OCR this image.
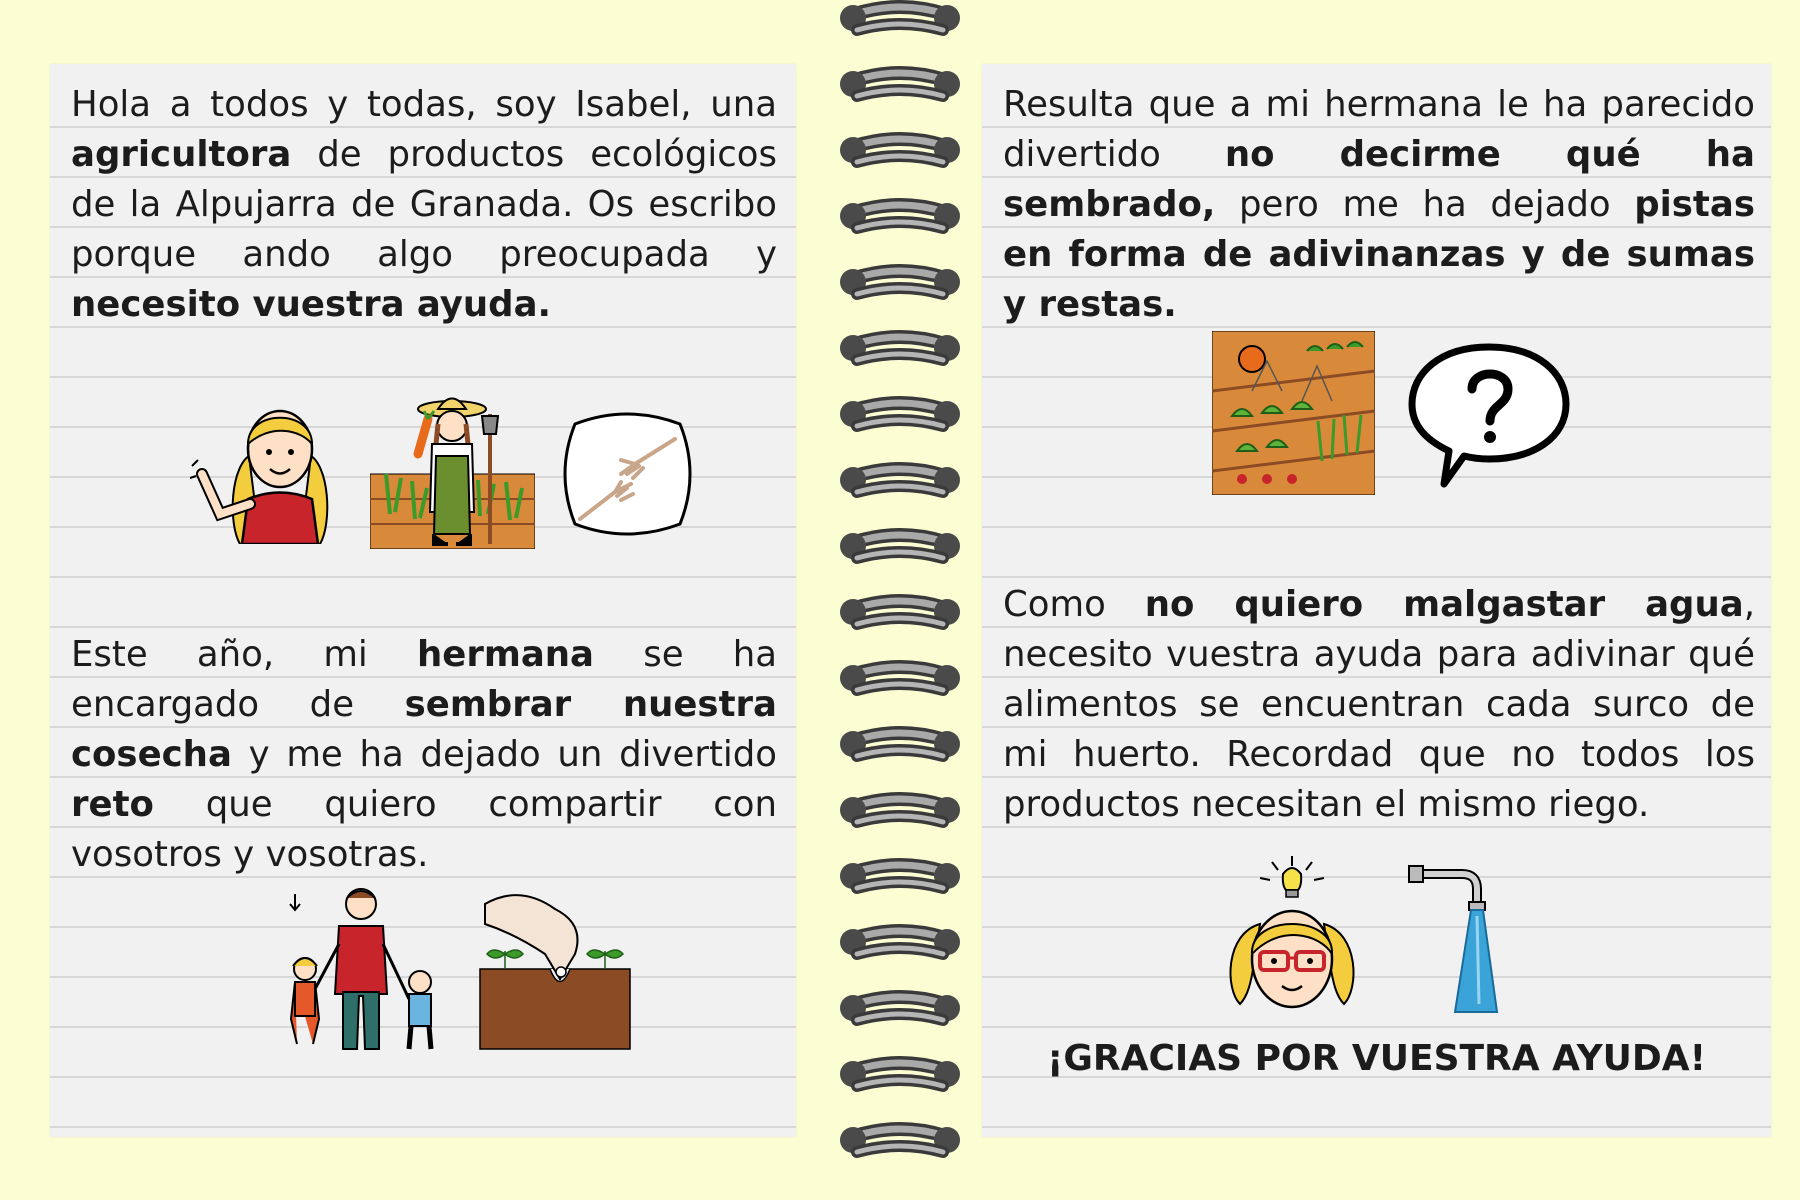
Hola a todos y todas, soy Isabel, una agricultora de productos ecológicos de la Alpujarra de Granada. Os escribo porque ando algo preocupada y necesito vuestra ayuda.

Este año, mi hermana se ha encargado de sembrar nuestra cosecha y me ha dejado un divertido reto que quiero compartir con vosotros y vosotras.

Resulta que a mi hermana le ha parecido divertido no decirme qué ha sembrado, pero me ha dejado pistas en forma de adivinanzas y de sumas y restas.

Como no quiero malgastar agua, necesito vuestra ayuda para adivinar qué alimentos se encuentran cada surco de mi huerto. Recordad que no todos los productos necesitan el mismo riego.

¡GRACIAS POR VUESTRA AYUDA!
